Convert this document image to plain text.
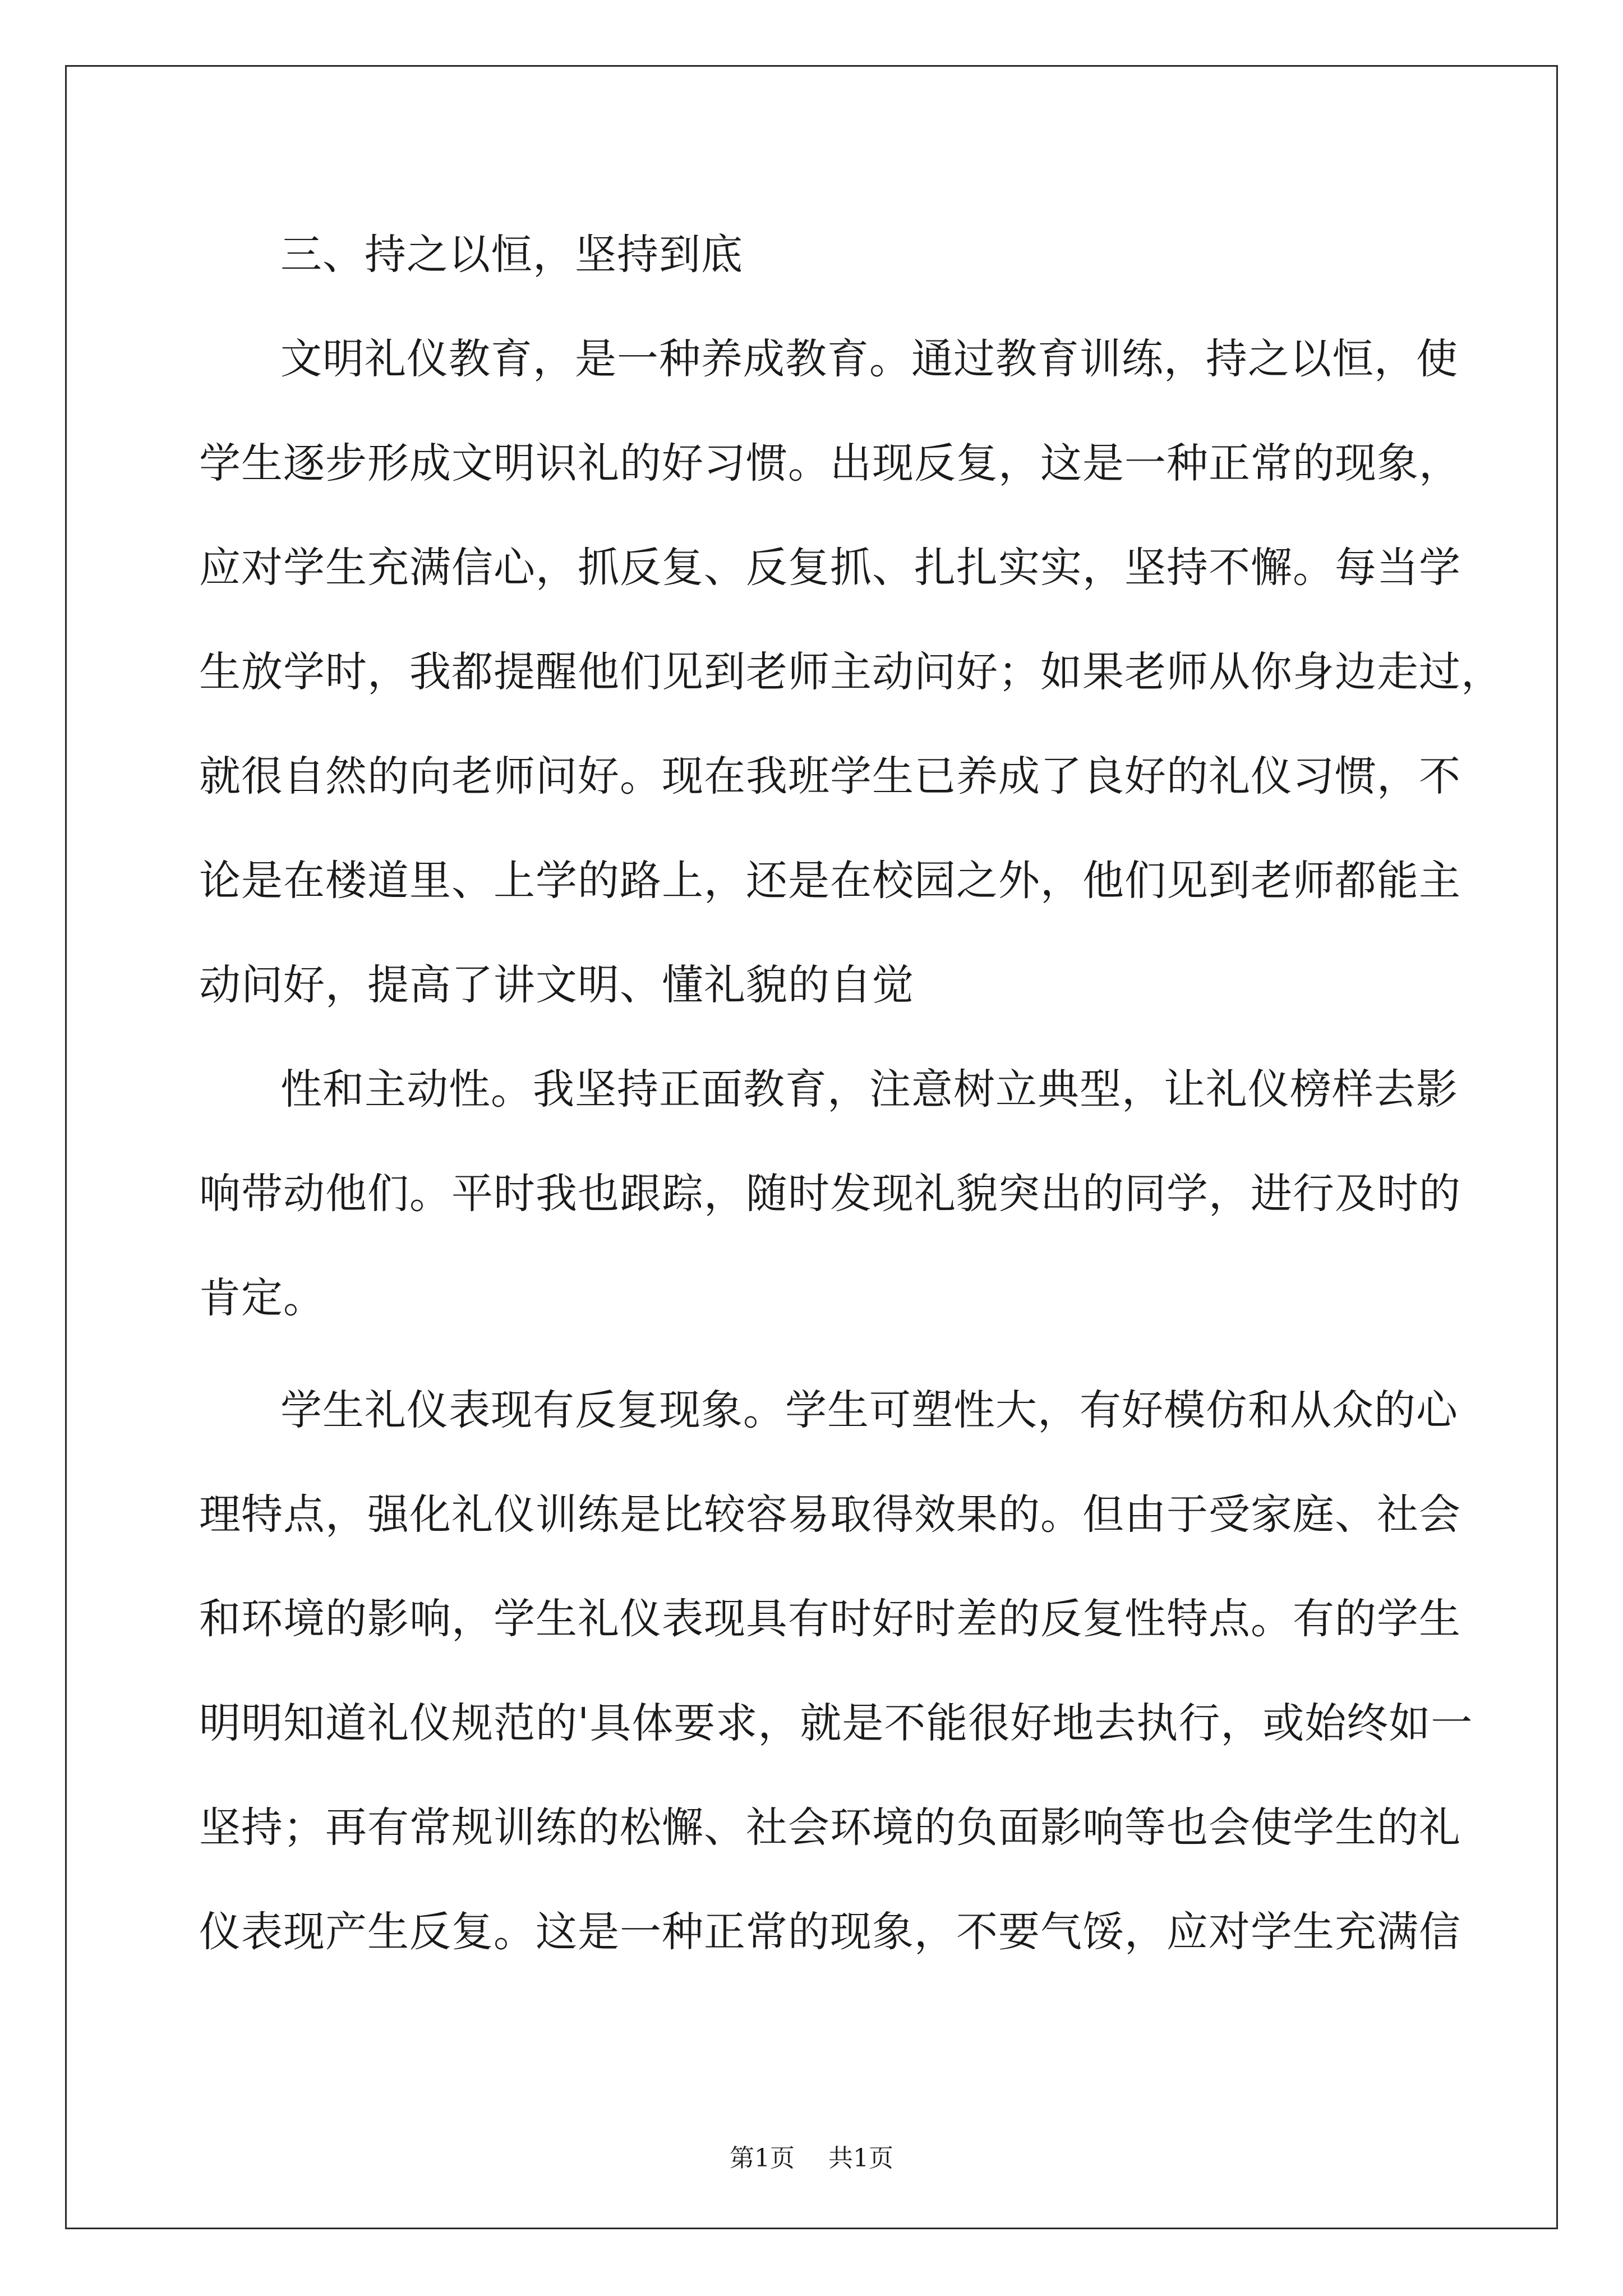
三、持之以恒，坚持到底

文明礼仪教育，是一种养成教育。通过教育训练，持之以恒，使

学生逐步形成文明识礼的好习惯。出现反复，这是一种正常的现象，

应对学生充满信心，抓反复、反复抓、扎扎实实，坚持不懈。每当学

生放学时，我都提醒他们见到老师主动问好；如果老师从你身边走过，

就很自然的向老师问好。现在我班学生已养成了良好的礼仪习惯，不

论是在楼道里、上学的路上，还是在校园之外，他们见到老师都能主

动问好，提高了讲文明、懂礼貌的自觉

性和主动性。我坚持正面教育，注意树立典型，让礼仪榜样去影

响带动他们。平时我也跟踪，随时发现礼貌突出的同学，进行及时的

肯定。

学生礼仪表现有反复现象。学生可塑性大，有好模仿和从众的心

理特点，强化礼仪训练是比较容易取得效果的。但由于受家庭、社会

和环境的影响，学生礼仪表现具有时好时差的反复性特点。有的学生

明明知道礼仪规范的'具体要求，就是不能很好地去执行，或始终如一

坚持；再有常规训练的松懈、社会环境的负面影响等也会使学生的礼

仪表现产生反复。这是一种正常的现象，不要气馁，应对学生充满信

第1页 共1页
